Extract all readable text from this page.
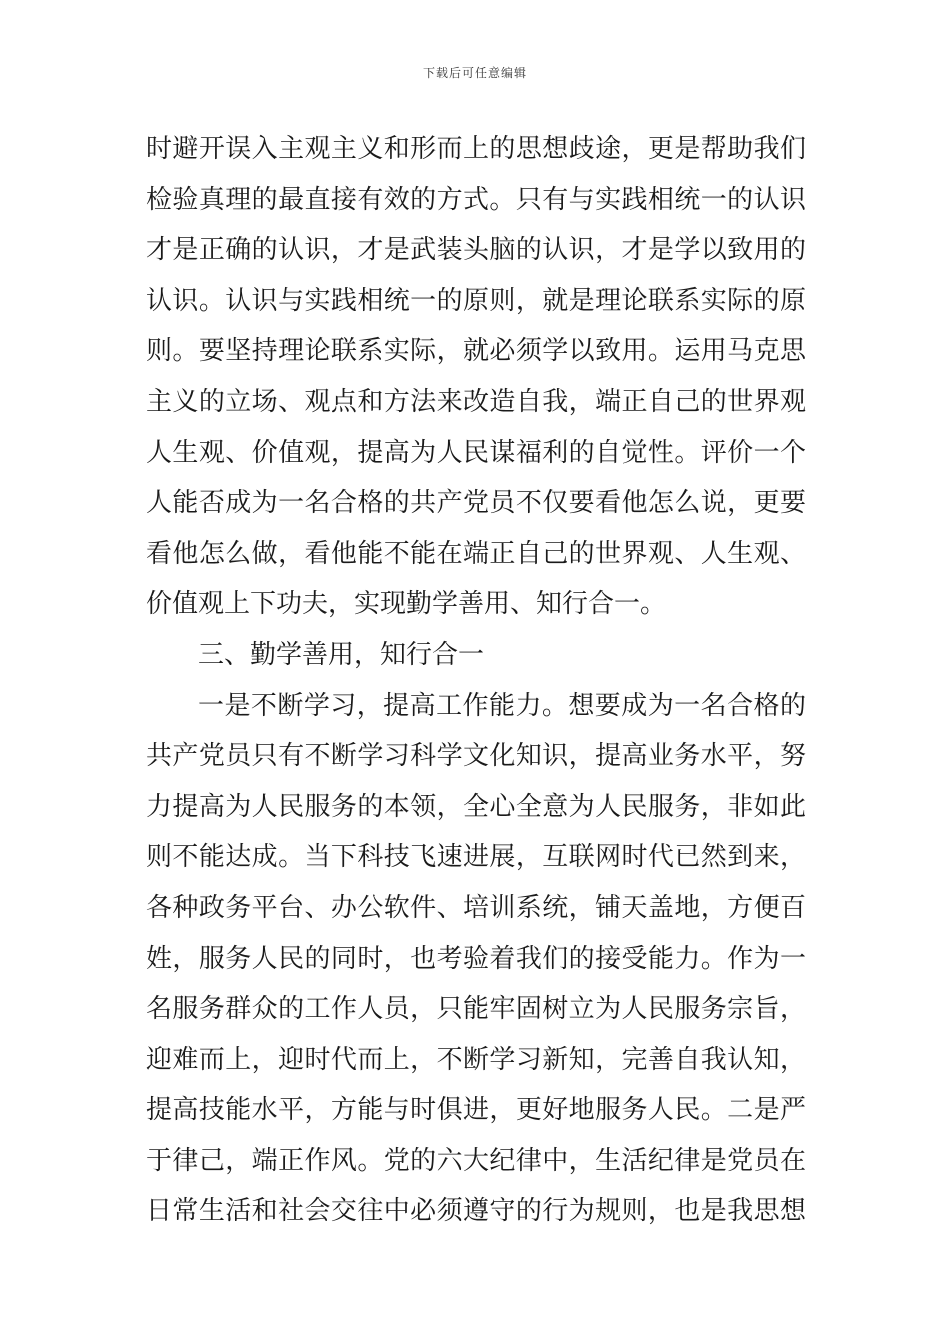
下载后可任意编辑
时避开误入主观主义和形而上的思想歧途，更是帮助我们
检验真理的最直接有效的方式。只有与实践相统一的认识
才是正确的认识，才是武装头脑的认识，才是学以致用的
认识。认识与实践相统一的原则，就是理论联系实际的原
则。要坚持理论联系实际，就必须学以致用。运用马克思
主义的立场、观点和方法来改造自我，端正自己的世界观
人生观、价值观，提高为人民谋福利的自觉性。评价一个
人能否成为一名合格的共产党员不仅要看他怎么说，更要
看他怎么做，看他能不能在端正自己的世界观、人生观、
价值观上下功夫，实现勤学善用、知行合一。
三、勤学善用，知行合一
一是不断学习，提高工作能力。想要成为一名合格的
共产党员只有不断学习科学文化知识，提高业务水平，努
力提高为人民服务的本领，全心全意为人民服务，非如此
则不能达成。当下科技飞速进展，互联网时代已然到来，
各种政务平台、办公软件、培训系统，铺天盖地，方便百
姓，服务人民的同时，也考验着我们的接受能力。作为一
名服务群众的工作人员，只能牢固树立为人民服务宗旨，
迎难而上，迎时代而上，不断学习新知，完善自我认知，
提高技能水平，方能与时俱进，更好地服务人民。二是严
于律己，端正作风。党的六大纪律中，生活纪律是党员在
日常生活和社会交往中必须遵守的行为规则，也是我思想
